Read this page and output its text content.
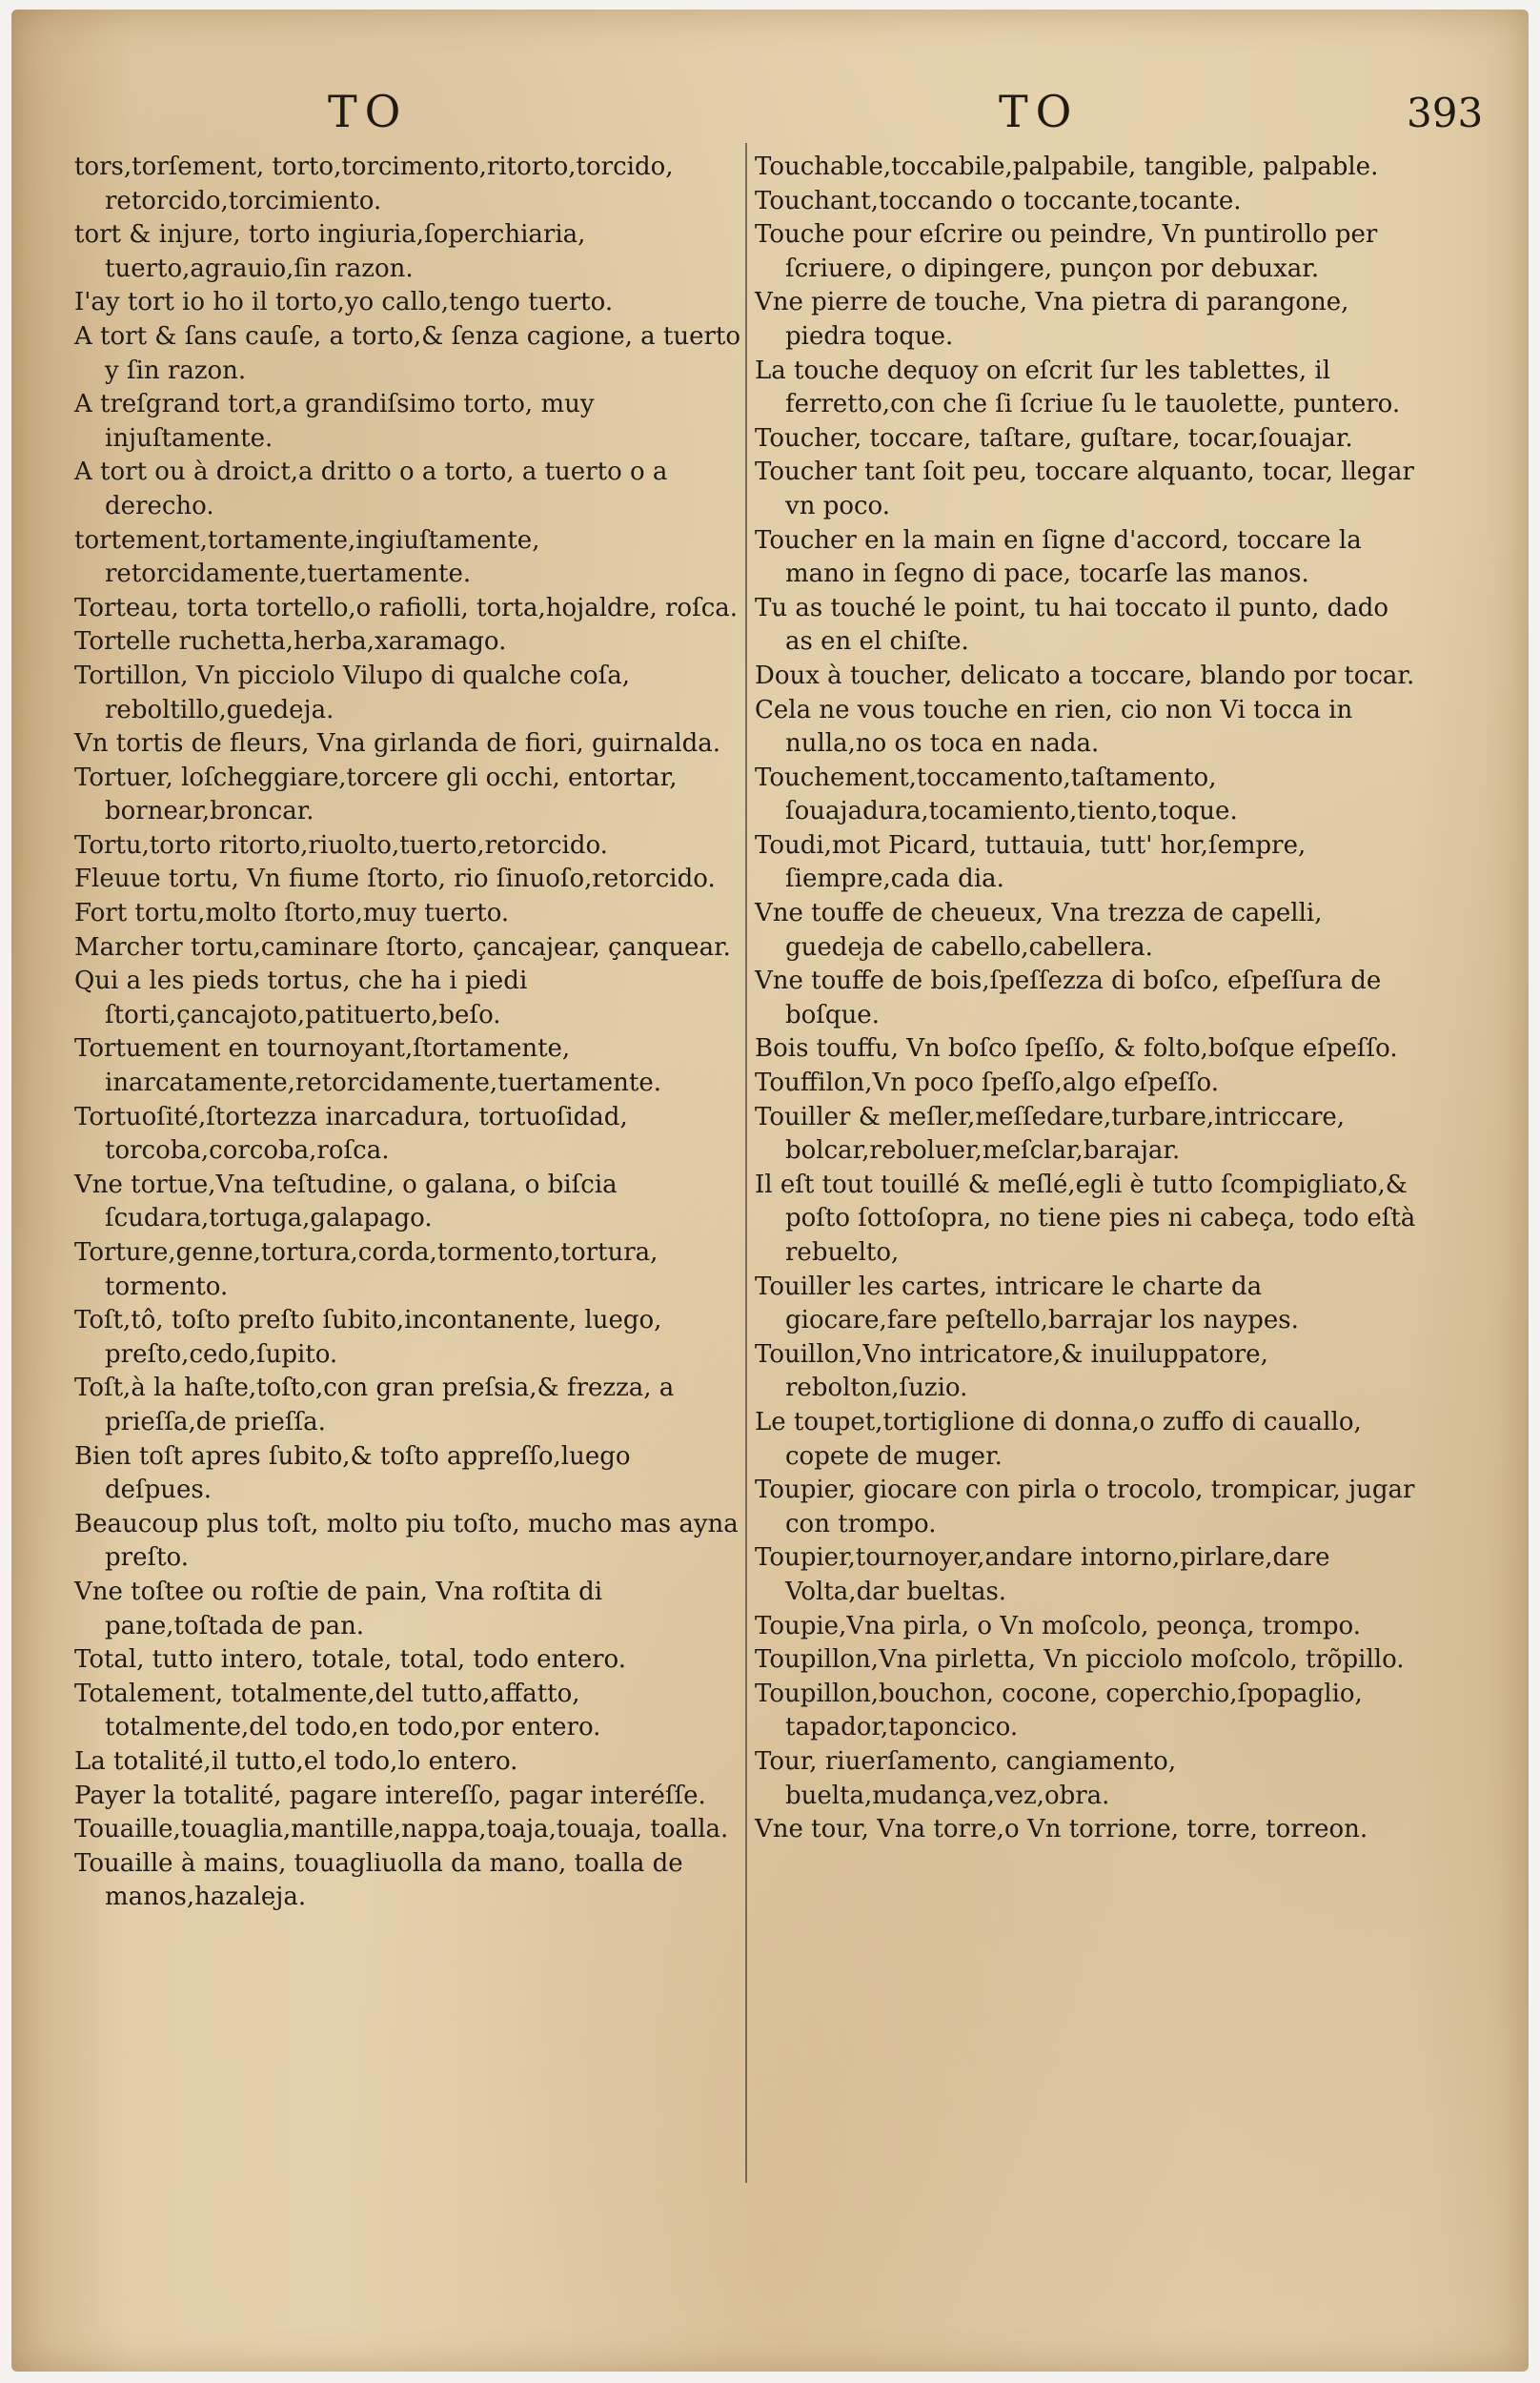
TO	TO	393
tors,torſement, torto,torcimento,ritorto,torcido, retorcido,torcimiento.
tort & injure, torto ingiuria,ſoperchiaria, tuerto,agrauio,ſin razon.
I'ay tort io ho il torto,yo callo,tengo tuerto.
A tort & ſans cauſe, a torto,& ſenza cagione, a tuerto y ſin razon.
A treſgrand tort,a grandiſsimo torto, muy injuſtamente.
A tort ou à droict,a dritto o a torto, a tuerto o a derecho.
tortement,tortamente,ingiuſtamente, retorcidamente,tuertamente.
Torteau, torta tortello,o rafiolli, torta,hojaldre, roſca.
Tortelle ruchetta,herba,xaramago.
Tortillon, Vn picciolo Vilupo di qualche coſa, reboltillo,guedeja.
Vn tortis de fleurs, Vna girlanda de fiori, guirnalda.
Tortuer, loſcheggiare,torcere gli occhi, entortar, bornear,broncar.
Tortu,torto ritorto,riuolto,tuerto,retorcido.
Fleuue tortu, Vn fiume ſtorto, rio ſinuoſo,retorcido.
Fort tortu,molto ſtorto,muy tuerto.
Marcher tortu,caminare ſtorto, çancajear, çanquear.
Qui a les pieds tortus, che ha i piedi ſtorti,çancajoto,patituerto,beſo.
Tortuement en tournoyant,ſtortamente, inarcatamente,retorcidamente,tuertamente.
Tortuoſité,ſtortezza inarcadura, tortuoſidad, torcoba,corcoba,roſca.
Vne tortue,Vna teſtudine, o galana, o biſcia ſcudara,tortuga,galapago.
Torture,genne,tortura,corda,tormento,tortura, tormento.
Toſt,tô, toſto preſto ſubito,incontanente, luego, preſto,cedo,ſupito.
Toſt,à la haſte,toſto,con gran preſsia,& frezza, a prieſſa,de prieſſa.
Bien toſt apres ſubito,& toſto appreſſo,luego deſpues.
Beaucoup plus toſt, molto piu toſto, mucho mas ayna preſto.
Vne toſtee ou roſtie de pain, Vna roſtita di pane,toſtada de pan.
Total, tutto intero, totale, total, todo entero.
Totalement, totalmente,del tutto,affatto, totalmente,del todo,en todo,por entero.
La totalité,il tutto,el todo,lo entero.
Payer la totalité, pagare intereſſo, pagar interéſſe.
Touaille,touaglia,mantille,nappa,toaja,touaja, toalla.
Touaille à mains, touagliuolla da mano, toalla de manos,hazaleja.
Touchable,toccabile,palpabile, tangible, palpable.
Touchant,toccando o toccante,tocante.
Touche pour eſcrire ou peindre, Vn puntirollo per ſcriuere, o dipingere, punçon por debuxar.
Vne pierre de touche, Vna pietra di parangone, piedra toque.
La touche dequoy on eſcrit ſur les tablettes, il ferretto,con che ſi ſcriue ſu le tauolette, puntero.
Toucher, toccare, taſtare, guſtare, tocar,ſouajar.
Toucher tant ſoit peu, toccare alquanto, tocar, llegar vn poco.
Toucher en la main en ſigne d'accord, toccare la mano in ſegno di pace, tocarſe las manos.
Tu as touché le point, tu hai toccato il punto, dado as en el chiſte.
Doux à toucher, delicato a toccare, blando por tocar.
Cela ne vous touche en rien, cio non Vi tocca in nulla,no os toca en nada.
Touchement,toccamento,taſtamento, ſouajadura,tocamiento,tiento,toque.
Toudi,mot Picard, tuttauia, tutt' hor,ſempre, ſiempre,cada dia.
Vne touffe de cheueux, Vna trezza de capelli, guedeja de cabello,cabellera.
Vne touffe de bois,ſpeſſezza di boſco, eſpeſſura de boſque.
Bois touffu, Vn boſco ſpeſſo, & folto,boſque eſpeſſo.
Touffilon,Vn poco ſpeſſo,algo eſpeſſo.
Touiller & meſler,meſſedare,turbare,intriccare, bolcar,reboluer,meſclar,barajar.
Il eſt tout touillé & meſlé,egli è tutto ſcompigliato,& poſto ſottoſopra, no tiene pies ni cabeça, todo eſtà rebuelto,
Touiller les cartes, intricare le charte da giocare,fare peſtello,barrajar los naypes.
Touillon,Vno intricatore,& inuiluppatore, rebolton,ſuzio.
Le toupet,tortiglione di donna,o zuffo di cauallo, copete de muger.
Toupier, giocare con pirla o trocolo, trompicar, jugar con trompo.
Toupier,tournoyer,andare intorno,pirlare,dare Volta,dar bueltas.
Toupie,Vna pirla, o Vn moſcolo, peonça, trompo.
Toupillon,Vna pirletta, Vn picciolo moſcolo, trõpillo.
Toupillon,bouchon, cocone, coperchio,ſpopaglio, tapador,taponcico.
Tour, riuerſamento, cangiamento, buelta,mudança,vez,obra.
Vne tour, Vna torre,o Vn torrione, torre, torreon.
